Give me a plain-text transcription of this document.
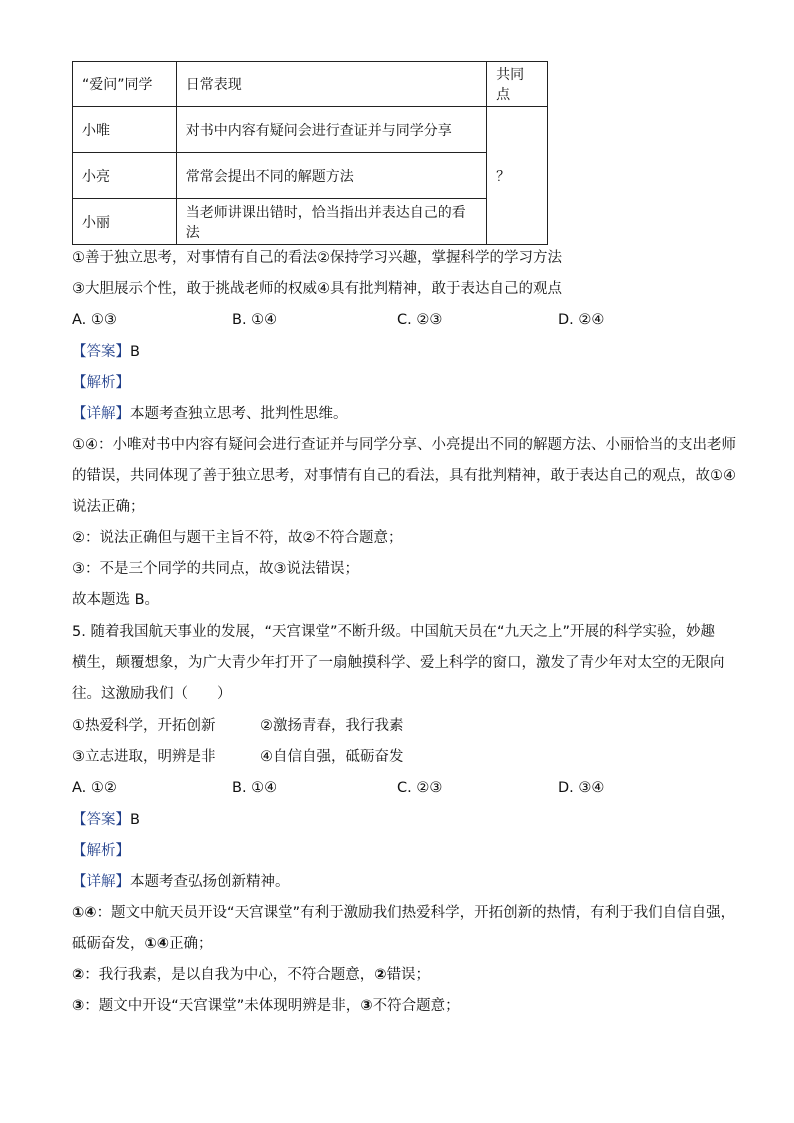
“爱问”同学	日常表现	共同点
小唯	对书中内容有疑问会进行查证并与同学分享	？
小亮	常常会提出不同的解题方法	
小丽	当老师讲课出错时，恰当指出并表达自己的看法	
①善于独立思考，对事情有自己的看法②保持学习兴趣，掌握科学的学习方法
③大胆展示个性，敢于挑战老师的权威④具有批判精神，敢于表达自己的观点
A. ①③	B. ①④	C. ②③	D. ②④
【答案】B
【解析】
【详解】本题考查独立思考、批判性思维。
①④：小唯对书中内容有疑问会进行查证并与同学分享、小亮提出不同的解题方法、小丽恰当的支出老师
的错误，共同体现了善于独立思考，对事情有自己的看法，具有批判精神，敢于表达自己的观点，故①④
说法正确；
②：说法正确但与题干主旨不符，故②不符合题意；
③：不是三个同学的共同点，故③说法错误；
故本题选 B。
5. 随着我国航天事业的发展，“天宫课堂”不断升级。中国航天员在“九天之上”开展的科学实验，妙趣
横生，颠覆想象，为广大青少年打开了一扇触摸科学、爱上科学的窗口，激发了青少年对太空的无限向
往。这激励我们（　　）
①热爱科学，开拓创新	②激扬青春，我行我素
③立志进取，明辨是非	④自信自强，砥砺奋发
A. ①②	B. ①④	C. ②③	D. ③④
【答案】B
【解析】
【详解】本题考查弘扬创新精神。
①④：题文中航天员开设“天宫课堂”有利于激励我们热爱科学，开拓创新的热情，有利于我们自信自强，
砥砺奋发，①④正确；
②：我行我素，是以自我为中心，不符合题意，②错误；
③：题文中开设“天宫课堂”未体现明辨是非，③不符合题意；
